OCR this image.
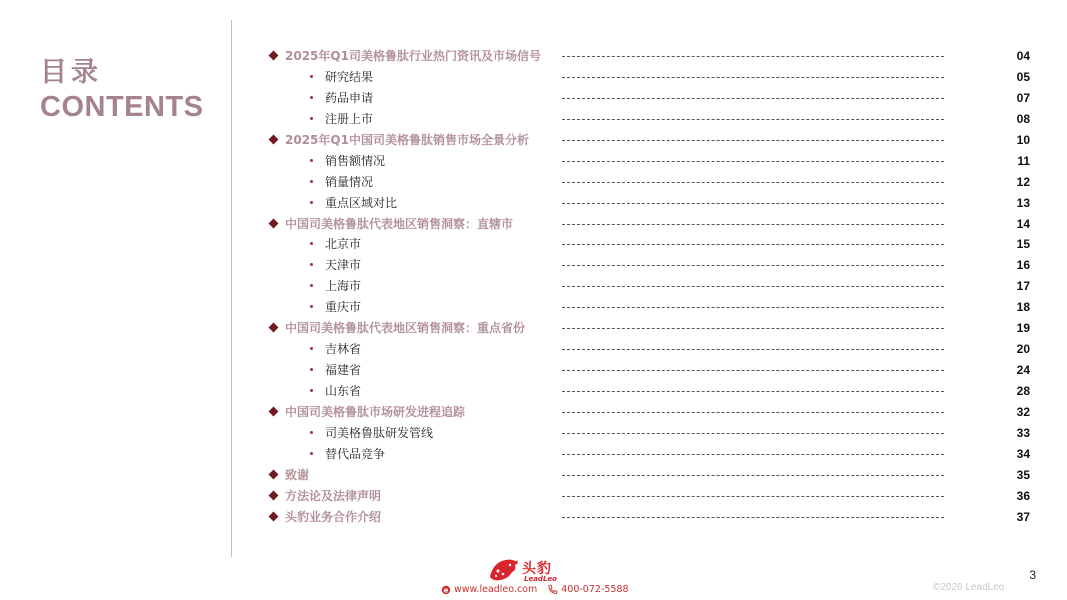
目录
CONTENTS
2025年Q1司美格鲁肽行业热门资讯及市场信号	04
研究结果	05
药品申请	07
注册上市	08
2025年Q1中国司美格鲁肽销售市场全景分析	10
销售额情况	11
销量情况	12
重点区域对比	13
中国司美格鲁肽代表地区销售洞察：直辖市	14
北京市	15
天津市	16
上海市	17
重庆市	18
中国司美格鲁肽代表地区销售洞察：重点省份	19
吉林省	20
福建省	24
山东省	28
中国司美格鲁肽市场研发进程追踪	32
司美格鲁肽研发管线	33
替代品竞争	34
致谢	35
方法论及法律声明	36
头豹业务合作介绍	37
头豹
LeadLeo
e www.leadleo.com	400-072-5588
3
©2026 LeadLeo
